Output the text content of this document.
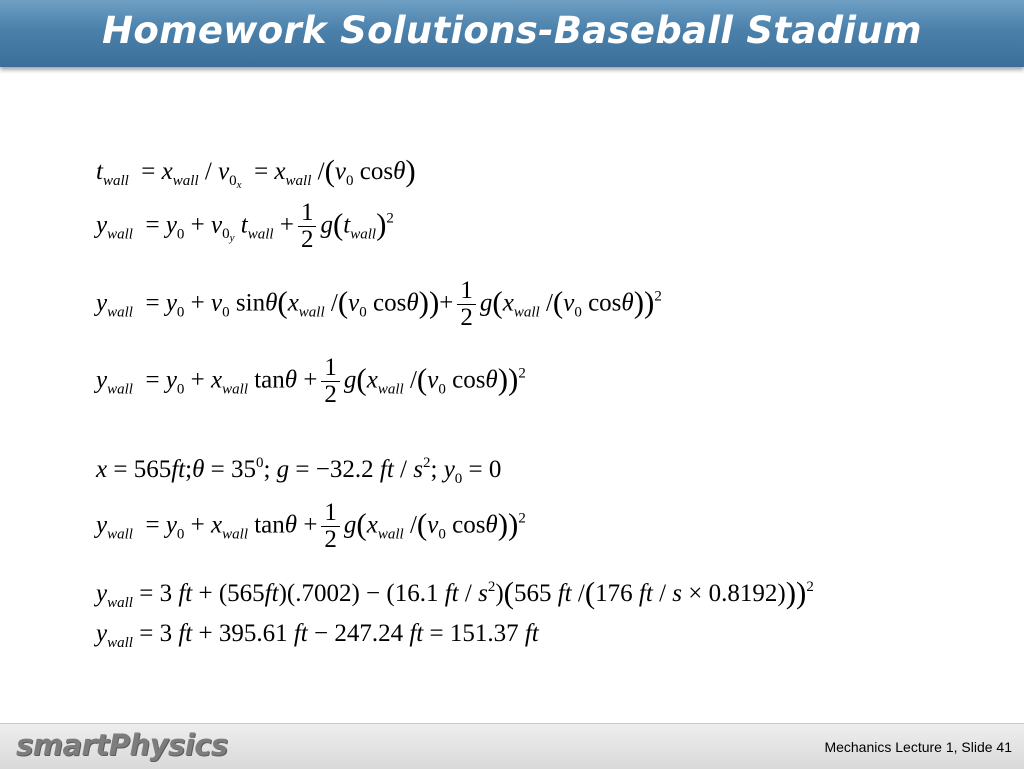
Homework Solutions-Baseball Stadium
$t_{wall} = x_{wall} / v_{0_x} = x_{wall}$ $/(v_0$ cosθ)
$y_{wall} = y_0 + v_{0_y}$ $t_{wall} + \frac{1}{2} g(t_{wall})^2$
$y_{wall} = y_0 + v_0$ $\sin\theta(x_{wall}$ $/(v_0$ $\cos\theta))+ \frac{1}{2} g(x_{wall}$ $/(v_0$ cosθ))$^2$
$y_{wall} = y_0 + x_{wall}$ $\tan\theta + \frac{1}{2} g(x_{wall}$ $/(v_0$ cosθ))$^2$
x = 565ft;θ = $35^0$; g = −32.2 ft / $s^2$; $y_0 = 0$
$y_{wall} = y_0 + x_{wall}$ $\tan\theta + \frac{1}{2} g(x_{wall}$ $/(v_0$ cosθ))$^2$
$y_{wall} = 3$ ft + (565ft)(.7002) − (16.1 ft / $s^2)(565$ ft /(176 ft / s × 0.8192)))$^2$
$y_{wall} = 3$ ft + 395.61 ft − 247.24 ft = 151.37 ft
smartPhysics	Mechanics Lecture 1, Slide 41
